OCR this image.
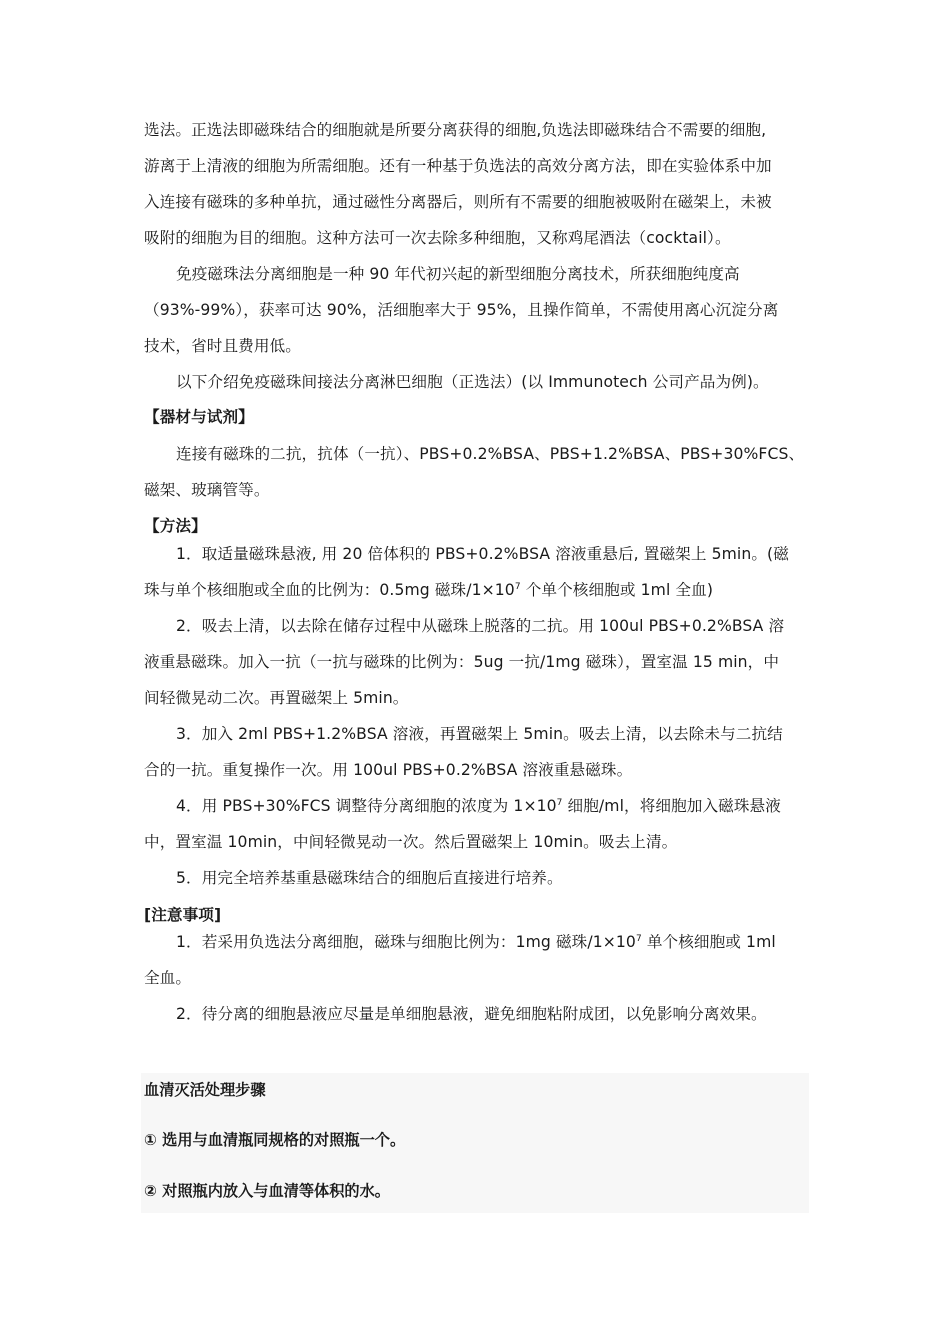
选法。正选法即磁珠结合的细胞就是所要分离获得的细胞,负选法即磁珠结合不需要的细胞,
游离于上清液的细胞为所需细胞。还有一种基于负选法的高效分离方法，即在实验体系中加
入连接有磁珠的多种单抗，通过磁性分离器后，则所有不需要的细胞被吸附在磁架上，未被
吸附的细胞为目的细胞。这种方法可一次去除多种细胞，又称鸡尾酒法（cocktail）。
免疫磁珠法分离细胞是一种 90 年代初兴起的新型细胞分离技术，所获细胞纯度高
（93%-99%），获率可达 90%，活细胞率大于 95%，且操作简单，不需使用离心沉淀分离
技术，省时且费用低。
以下介绍免疫磁珠间接法分离淋巴细胞（正选法）(以 Immunotech 公司产品为例)。
【器材与试剂】
连接有磁珠的二抗，抗体（一抗）、PBS+0.2%BSA、PBS+1.2%BSA、PBS+30%FCS、
磁架、玻璃管等。
【方法】
1．取适量磁珠悬液, 用 20 倍体积的 PBS+0.2%BSA 溶液重悬后, 置磁架上 5min。(磁
珠与单个核细胞或全血的比例为：0.5mg 磁珠$/1\times 10^7$ 个单个核细胞或 1ml 全血)
2．吸去上清，以去除在储存过程中从磁珠上脱落的二抗。用 100ul PBS+0.2%BSA 溶
液重悬磁珠。加入一抗（一抗与磁珠的比例为：5ug 一抗/1mg 磁珠），置室温 15 min，中
间轻微晃动二次。再置磁架上 5min。
3．加入 2ml PBS+1.2%BSA 溶液，再置磁架上 5min。吸去上清，以去除未与二抗结
合的一抗。重复操作一次。用 100ul PBS+0.2%BSA 溶液重悬磁珠。
4．用 PBS+30%FCS 调整待分离细胞的浓度为 $1\times 10^7$ 细胞/ml，将细胞加入磁珠悬液
中，置室温 10min，中间轻微晃动一次。然后置磁架上 10min。吸去上清。
5．用完全培养基重悬磁珠结合的细胞后直接进行培养。
[注意事项]
1．若采用负选法分离细胞，磁珠与细胞比例为：1mg 磁珠$/1\times 10^7$ 单个核细胞或 1ml
全血。
2．待分离的细胞悬液应尽量是单细胞悬液，避免细胞粘附成团，以免影响分离效果。
血清灭活处理步骤
① 选用与血清瓶同规格的对照瓶一个。
② 对照瓶内放入与血清等体积的水。
